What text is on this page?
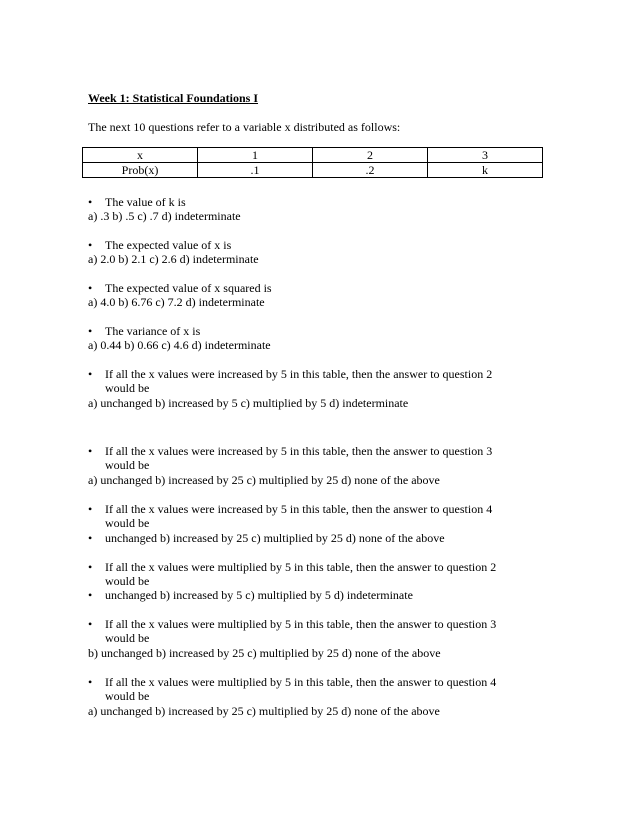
Week 1: Statistical Foundations I
The next 10 questions refer to a variable x distributed as follows:
x	1	2	3
Prob(x)	.1	.2	k
• The value of k is
a) .3 b) .5 c) .7 d) indeterminate
• The expected value of x is
a) 2.0 b) 2.1 c) 2.6 d) indeterminate
• The expected value of x squared is
a) 4.0 b) 6.76 c) 7.2 d) indeterminate
• The variance of x is
a) 0.44 b) 0.66 c) 4.6 d) indeterminate
• If all the x values were increased by 5 in this table, then the answer to question 2
would be
a) unchanged b) increased by 5 c) multiplied by 5 d) indeterminate
• If all the x values were increased by 5 in this table, then the answer to question 3
would be
a) unchanged b) increased by 25 c) multiplied by 25 d) none of the above
• If all the x values were increased by 5 in this table, then the answer to question 4
would be
• unchanged b) increased by 25 c) multiplied by 25 d) none of the above
• If all the x values were multiplied by 5 in this table, then the answer to question 2
would be
• unchanged b) increased by 5 c) multiplied by 5 d) indeterminate
• If all the x values were multiplied by 5 in this table, then the answer to question 3
would be
b) unchanged b) increased by 25 c) multiplied by 25 d) none of the above
• If all the x values were multiplied by 5 in this table, then the answer to question 4
would be
a) unchanged b) increased by 25 c) multiplied by 25 d) none of the above
